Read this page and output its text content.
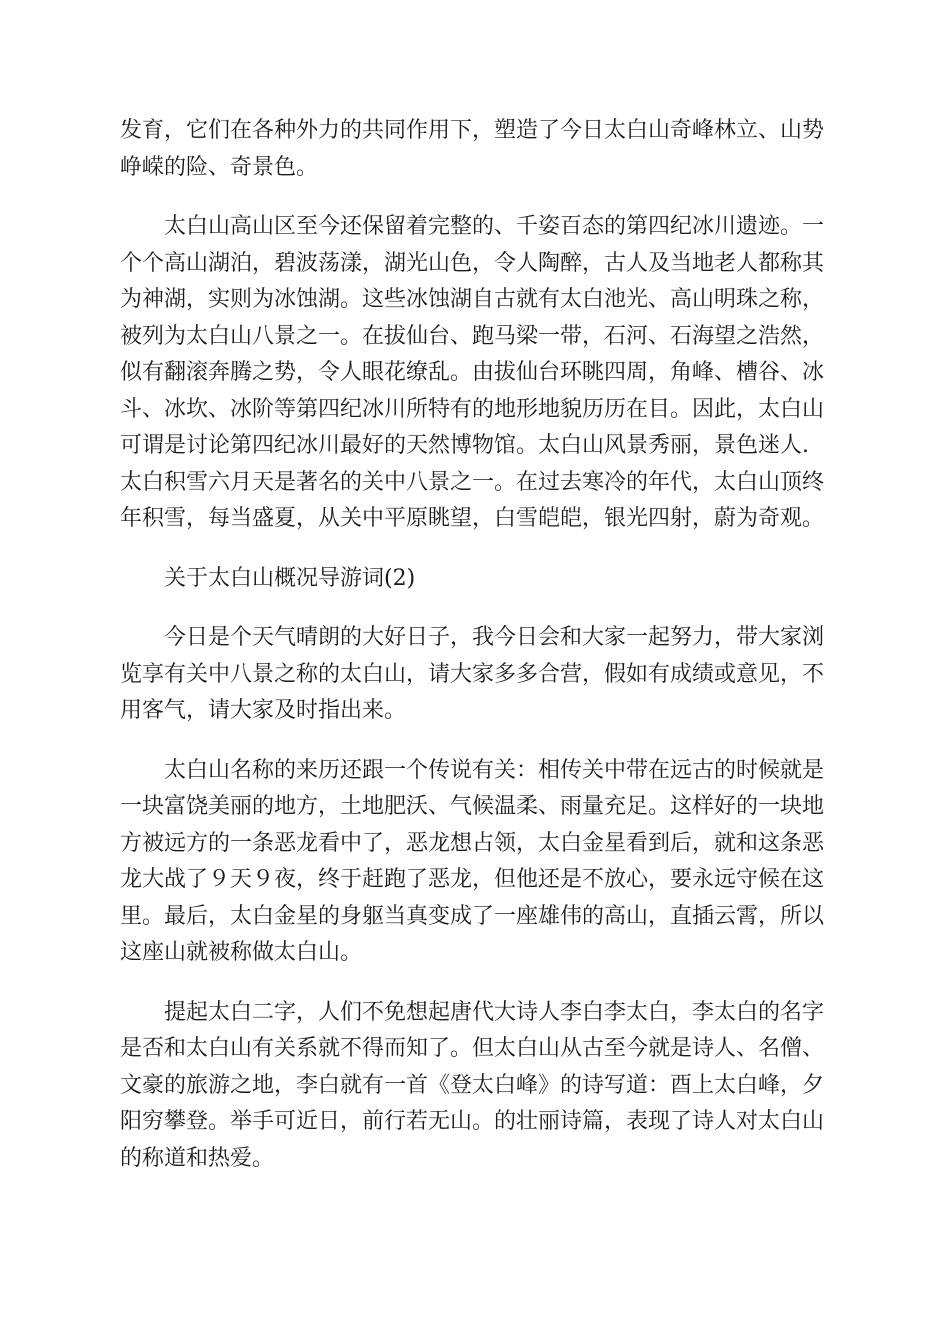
发育，它们在各种外力的共同作用下，塑造了今日太白山奇峰林立、山势
峥嵘的险、奇景色。

太白山高山区至今还保留着完整的、千姿百态的第四纪冰川遗迹。一
个个高山湖泊，碧波荡漾，湖光山色，令人陶醉，古人及当地老人都称其
为神湖，实则为冰蚀湖。这些冰蚀湖自古就有太白池光、高山明珠之称，
被列为太白山八景之一。在拔仙台、跑马梁一带，石河、石海望之浩然，
似有翻滚奔腾之势，令人眼花缭乱。由拔仙台环眺四周，角峰、槽谷、冰
斗、冰坎、冰阶等第四纪冰川所特有的地形地貌历历在目。因此，太白山
可谓是讨论第四纪冰川最好的天然博物馆。太白山风景秀丽，景色迷人.
太白积雪六月天是著名的关中八景之一。在过去寒冷的年代，太白山顶终
年积雪，每当盛夏，从关中平原眺望，白雪皑皑，银光四射，蔚为奇观。

关于太白山概况导游词(2)

今日是个天气晴朗的大好日子，我今日会和大家一起努力，带大家浏
览享有关中八景之称的太白山，请大家多多合营，假如有成绩或意见，不
用客气，请大家及时指出来。

太白山名称的来历还跟一个传说有关：相传关中带在远古的时候就是
一块富饶美丽的地方，土地肥沃、气候温柔、雨量充足。这样好的一块地
方被远方的一条恶龙看中了，恶龙想占领，太白金星看到后，就和这条恶
龙大战了９天９夜，终于赶跑了恶龙，但他还是不放心，要永远守候在这
里。最后，太白金星的身躯当真变成了一座雄伟的高山，直插云霄，所以
这座山就被称做太白山。

提起太白二字，人们不免想起唐代大诗人李白李太白，李太白的名字
是否和太白山有关系就不得而知了。但太白山从古至今就是诗人、名僧、
文豪的旅游之地，李白就有一首《登太白峰》的诗写道：酉上太白峰，夕
阳穷攀登。举手可近日，前行若无山。的壮丽诗篇，表现了诗人对太白山
的称道和热爱。
